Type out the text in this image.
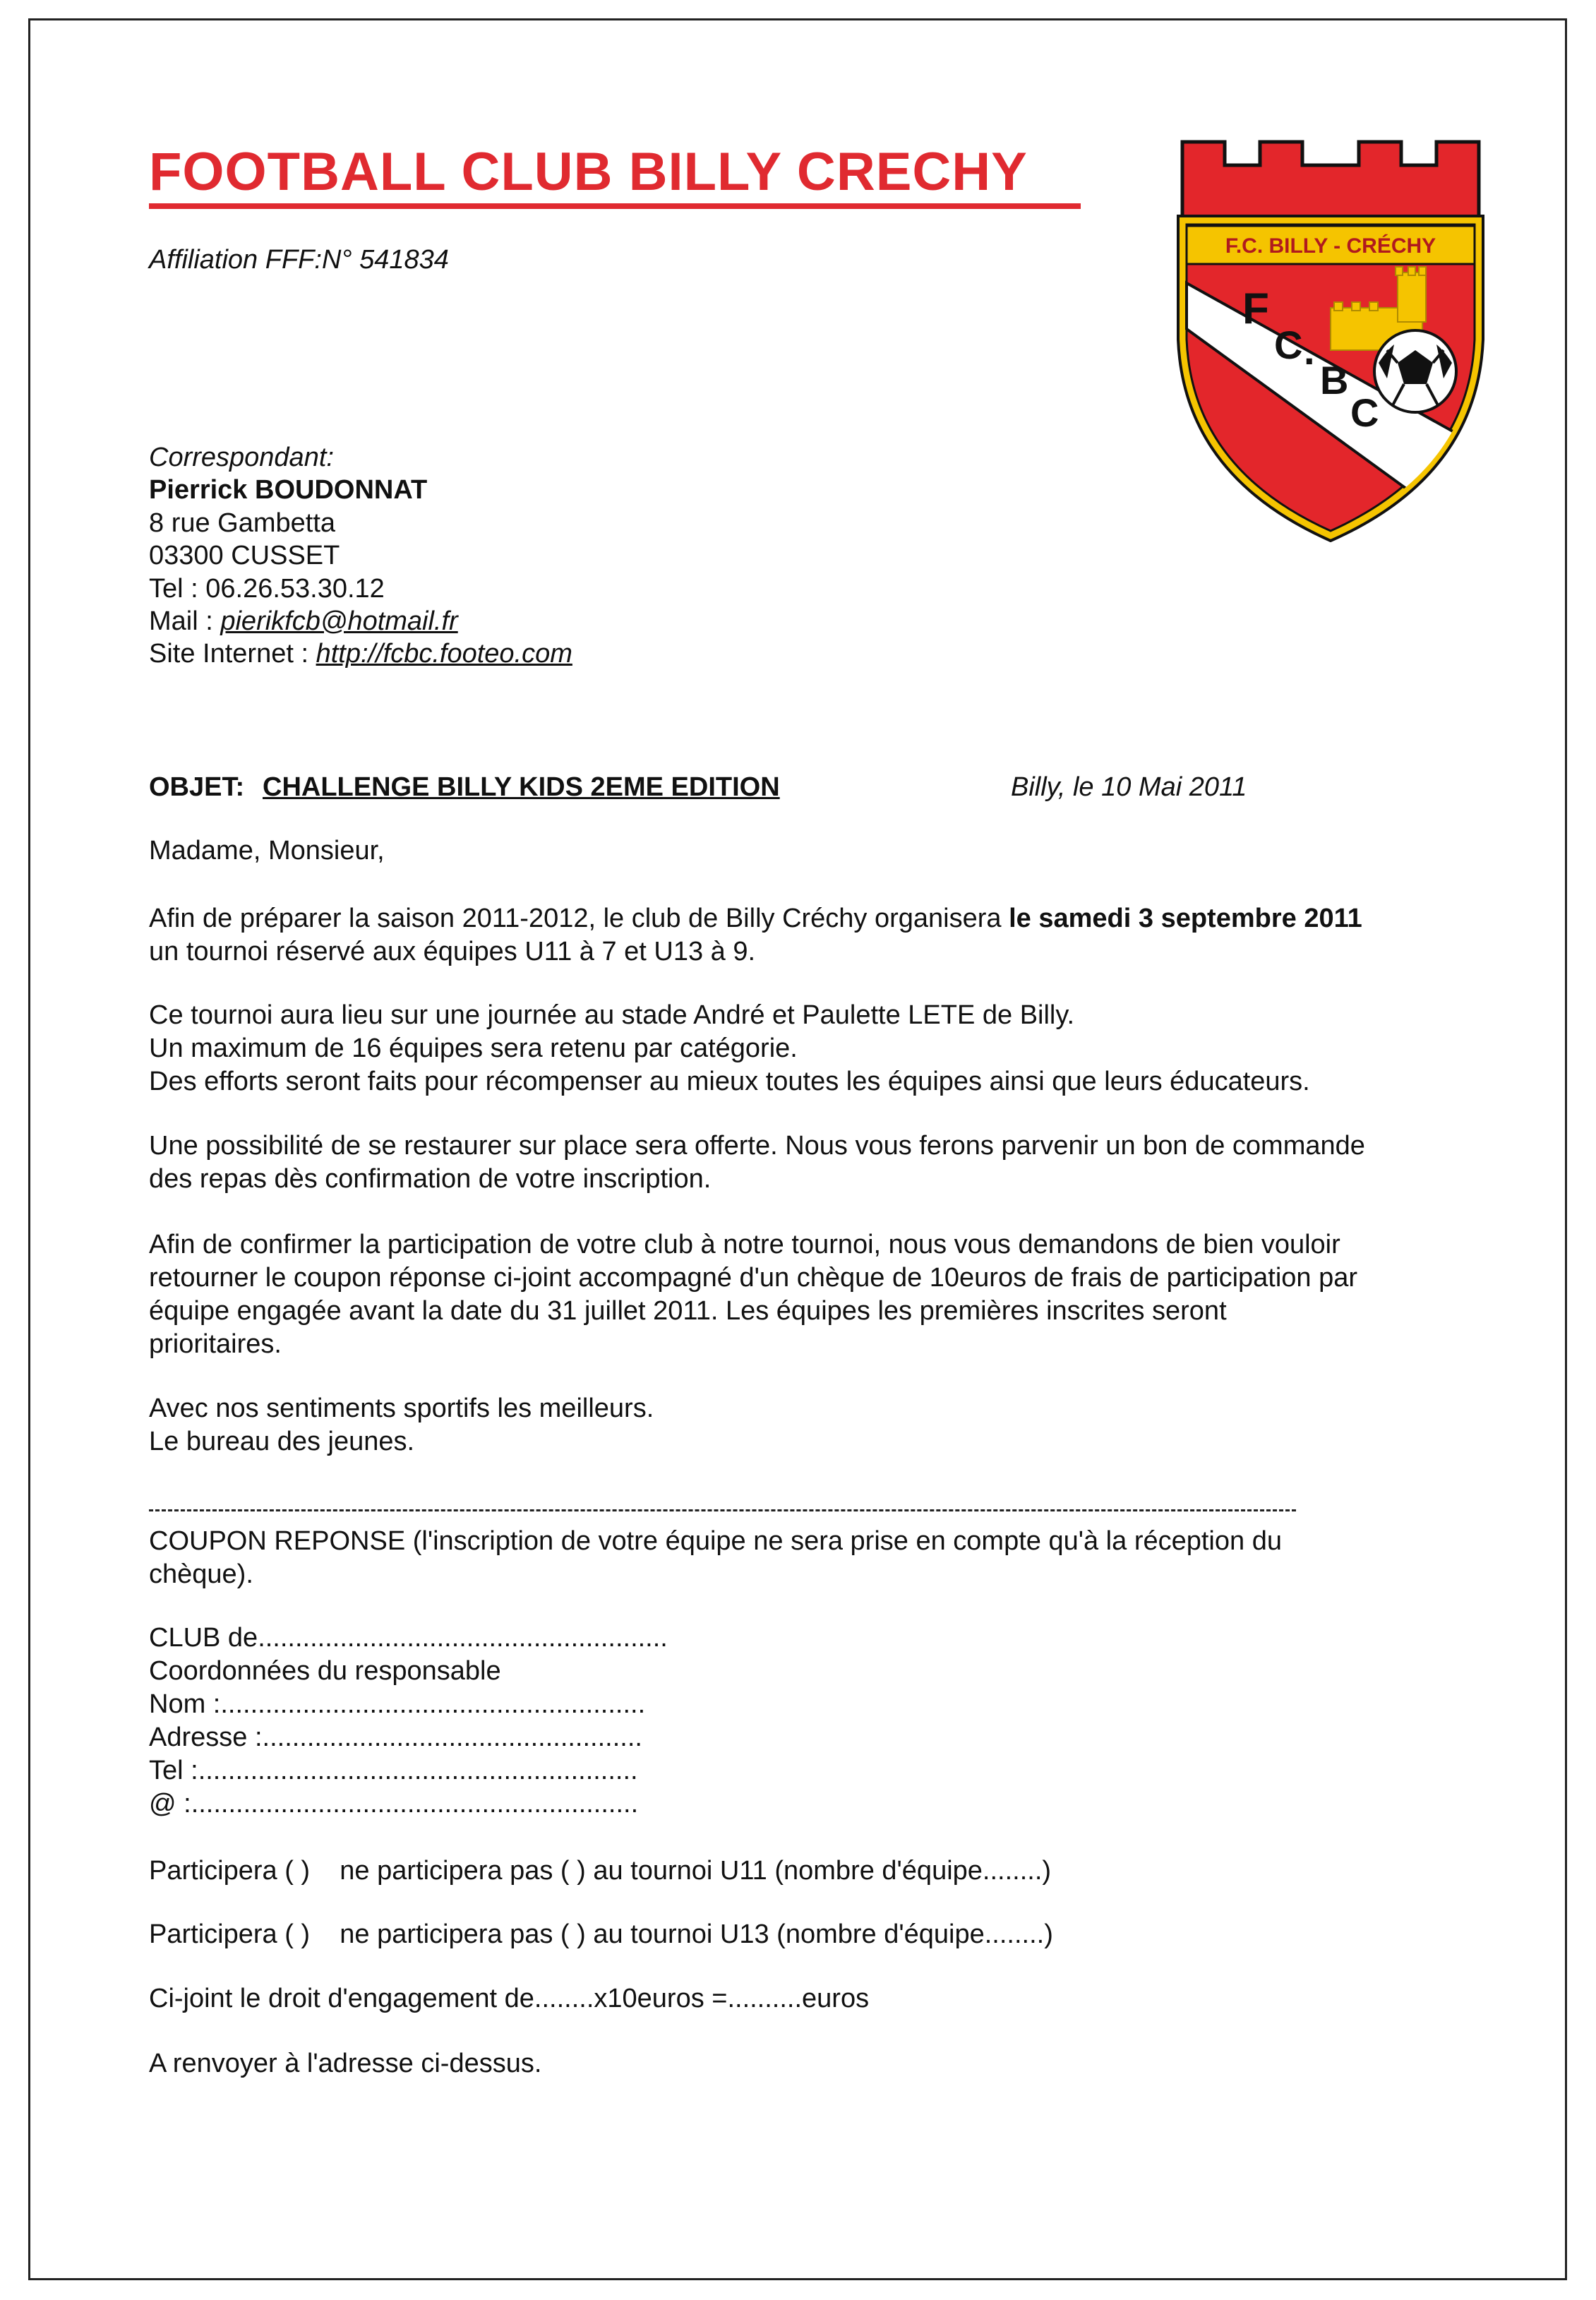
FOOTBALL CLUB BILLY CRECHY
Affiliation FFF:N° 541834	F.C. BILLY - CRÉCHY
F
C .
B
C
Correspondant:
Pierrick BOUDONNAT
8 rue Gambetta
03300 CUSSET
Tel : 06.26.53.30.12
Mail : pierikfcb@hotmail.fr
Site Internet : http://fcbc.footeo.com
OBJET: CHALLENGE BILLY KIDS 2EME EDITION	Billy, le 10 Mai 2011
Madame, Monsieur,
Afin de préparer la saison 2011-2012, le club de Billy Créchy organisera le samedi 3 septembre 2011
un tournoi réservé aux équipes U11 à 7 et U13 à 9.
Ce tournoi aura lieu sur une journée au stade André et Paulette LETE de Billy.
Un maximum de 16 équipes sera retenu par catégorie.
Des efforts seront faits pour récompenser au mieux toutes les équipes ainsi que leurs éducateurs.
Une possibilité de se restaurer sur place sera offerte. Nous vous ferons parvenir un bon de commande
des repas dès confirmation de votre inscription.
Afin de confirmer la participation de votre club à notre tournoi, nous vous demandons de bien vouloir
retourner le coupon réponse ci-joint accompagné d'un chèque de 10euros de frais de participation par
équipe engagée avant la date du 31 juillet 2011. Les équipes les premières inscrites seront
prioritaires.
Avec nos sentiments sportifs les meilleurs.
Le bureau des jeunes.
COUPON REPONSE (l'inscription de votre équipe ne sera prise en compte qu'à la réception du
chèque).
CLUB de.......................................................
Coordonnées du responsable
Nom :.........................................................
Adresse :...................................................
Tel :...........................................................
@ :............................................................
Participera ( )    ne participera pas ( ) au tournoi U11 (nombre d'équipe........)
Participera ( )    ne participera pas ( ) au tournoi U13 (nombre d'équipe........)
Ci-joint le droit d'engagement de........x10euros =..........euros
A renvoyer à l'adresse ci-dessus.
